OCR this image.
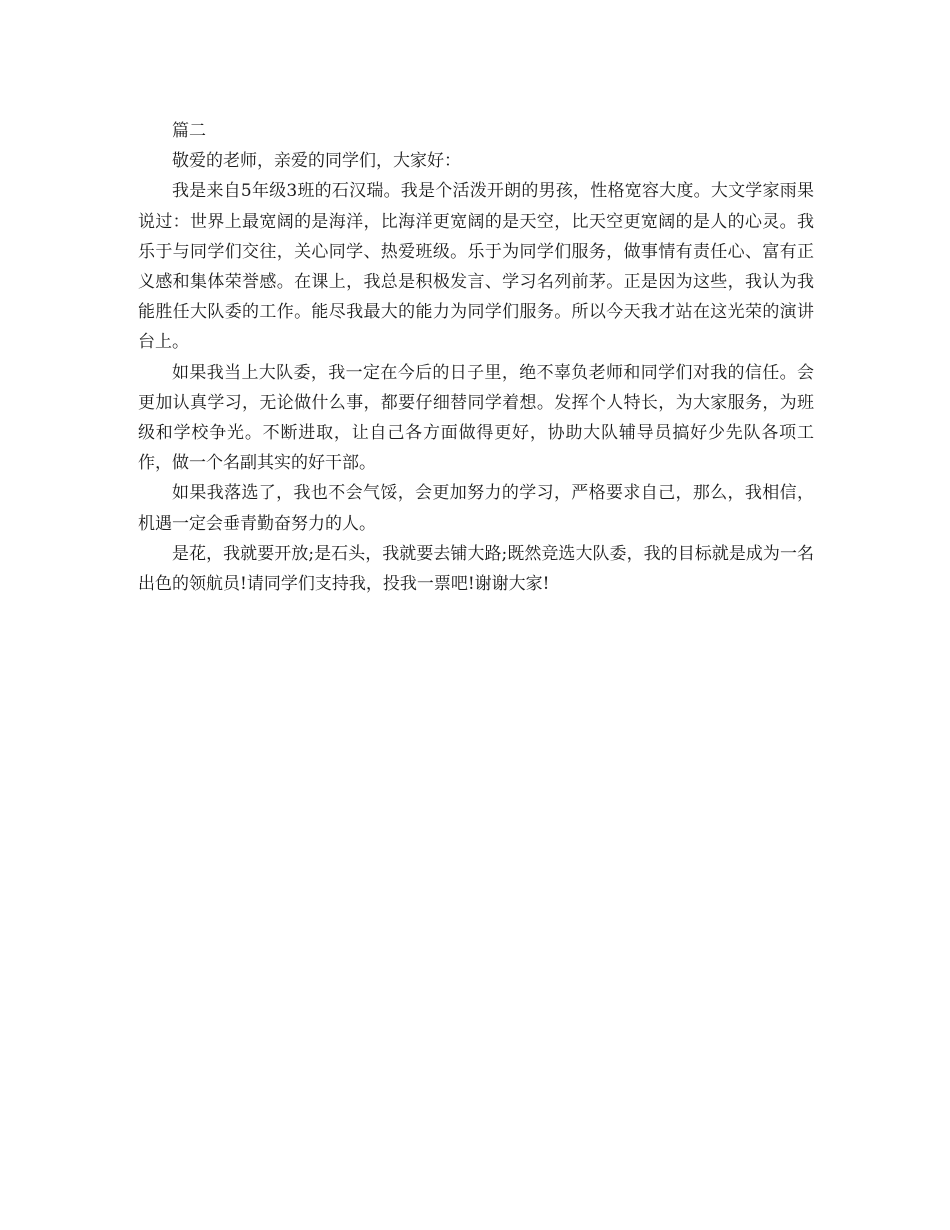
篇二

敬爱的老师，亲爱的同学们，大家好：

我是来自5年级3班的石汉瑞。我是个活泼开朗的男孩，性格宽容大度。大文学家雨果说过：世界上最宽阔的是海洋，比海洋更宽阔的是天空，比天空更宽阔的是人的心灵。我乐于与同学们交往，关心同学、热爱班级。乐于为同学们服务，做事情有责任心、富有正义感和集体荣誉感。在课上，我总是积极发言、学习名列前茅。正是因为这些，我认为我能胜任大队委的工作。能尽我最大的能力为同学们服务。所以今天我才站在这光荣的演讲台上。

如果我当上大队委，我一定在今后的日子里，绝不辜负老师和同学们对我的信任。会更加认真学习，无论做什么事，都要仔细替同学着想。发挥个人特长，为大家服务，为班级和学校争光。不断进取，让自己各方面做得更好，协助大队辅导员搞好少先队各项工作，做一个名副其实的好干部。

如果我落选了，我也不会气馁，会更加努力的学习，严格要求自己，那么，我相信，机遇一定会垂青勤奋努力的人。

是花，我就要开放;是石头，我就要去铺大路;既然竞选大队委，我的目标就是成为一名出色的领航员!请同学们支持我，投我一票吧!谢谢大家!
